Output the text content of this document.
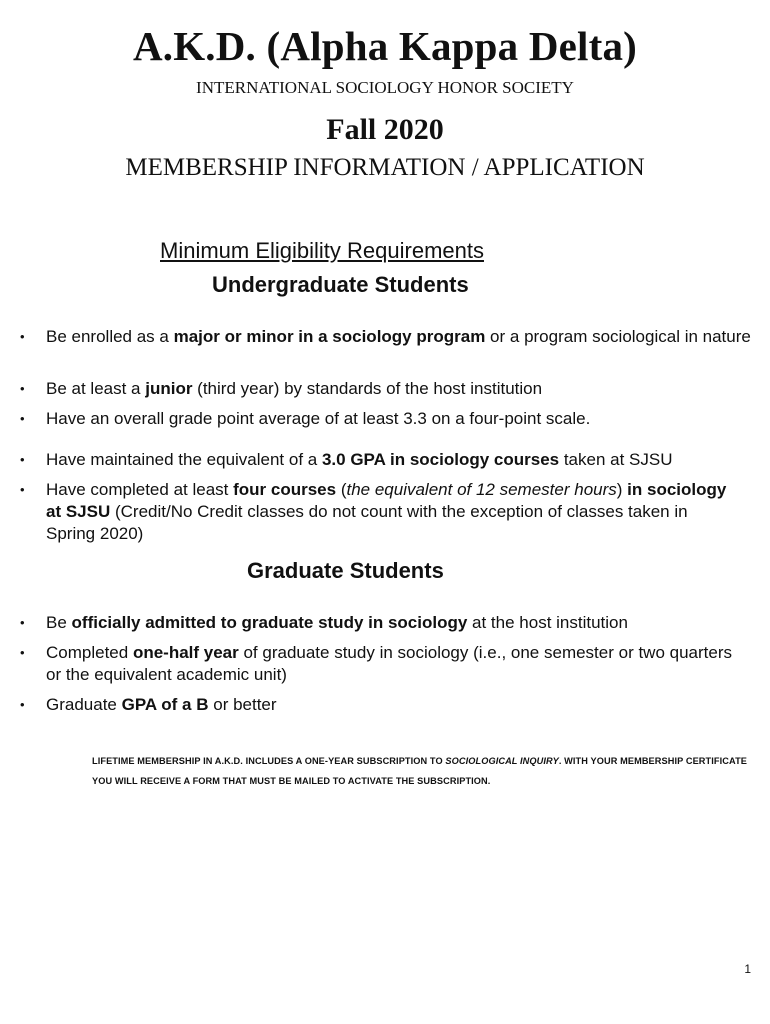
A.K.D. (Alpha Kappa Delta)
INTERNATIONAL SOCIOLOGY HONOR SOCIETY
Fall 2020
MEMBERSHIP INFORMATION / APPLICATION
Minimum Eligibility Requirements
Undergraduate Students
• Be enrolled as a major or minor in a sociology program or a program sociological in nature
• Be at least a junior (third year) by standards of the host institution
• Have an overall grade point average of at least 3.3 on a four-point scale.
• Have maintained the equivalent of a 3.0 GPA in sociology courses taken at SJSU
• Have completed at least four courses (the equivalent of 12 semester hours) in sociology at SJSU (Credit/No Credit classes do not count with the exception of classes taken in Spring 2020)
Graduate Students
• Be officially admitted to graduate study in sociology at the host institution
• Completed one-half year of graduate study in sociology (i.e., one semester or two quarters or the equivalent academic unit)
• Graduate GPA of a B or better
LIFETIME MEMBERSHIP IN A.K.D. INCLUDES A ONE-YEAR SUBSCRIPTION TO SOCIOLOGICAL INQUIRY. WITH YOUR MEMBERSHIP CERTIFICATE YOU WILL RECEIVE A FORM THAT MUST BE MAILED TO ACTIVATE THE SUBSCRIPTION.
1
